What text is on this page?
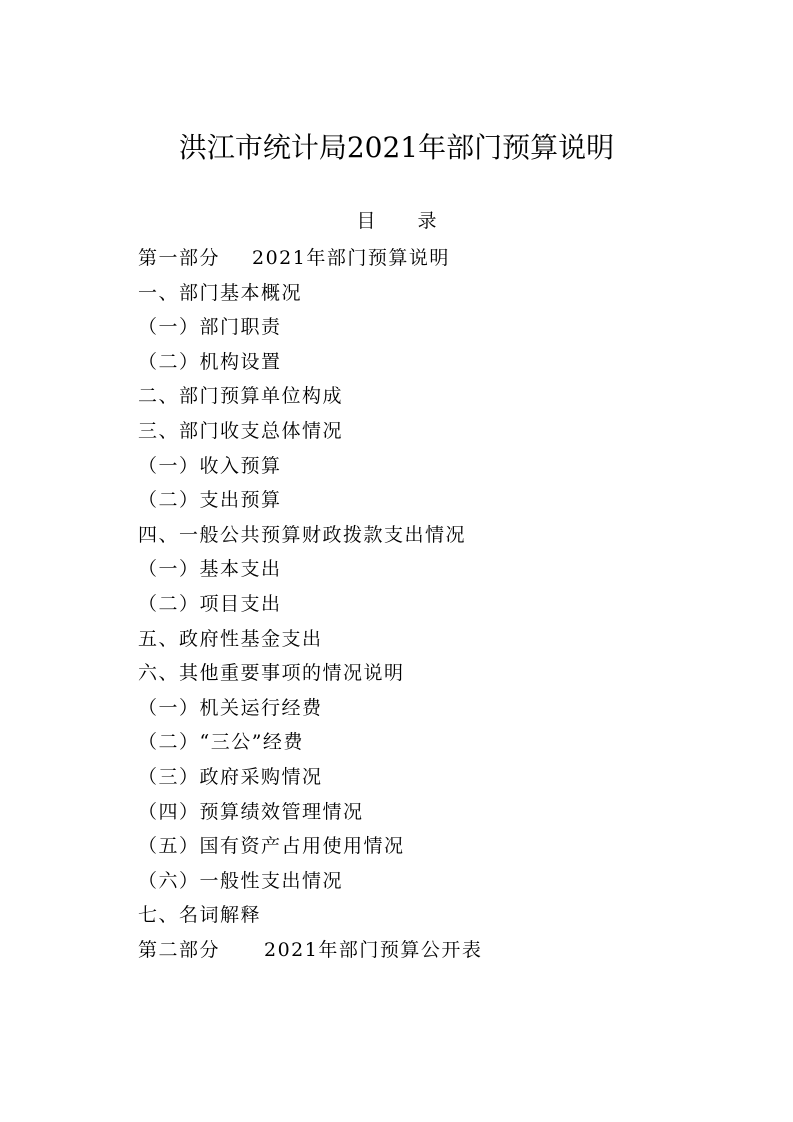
洪江市统计局2021年部门预算说明
目 录
第一部分 2021年部门预算说明
一、部门基本概况
（一）部门职责
（二）机构设置
二、部门预算单位构成
三、部门收支总体情况
（一）收入预算
（二）支出预算
四、一般公共预算财政拨款支出情况
（一）基本支出
（二）项目支出
五、政府性基金支出
六、其他重要事项的情况说明
（一）机关运行经费
（二）“三公”经费
（三）政府采购情况
（四）预算绩效管理情况
（五）国有资产占用使用情况
（六）一般性支出情况
七、名词解释
第二部分 2021年部门预算公开表
